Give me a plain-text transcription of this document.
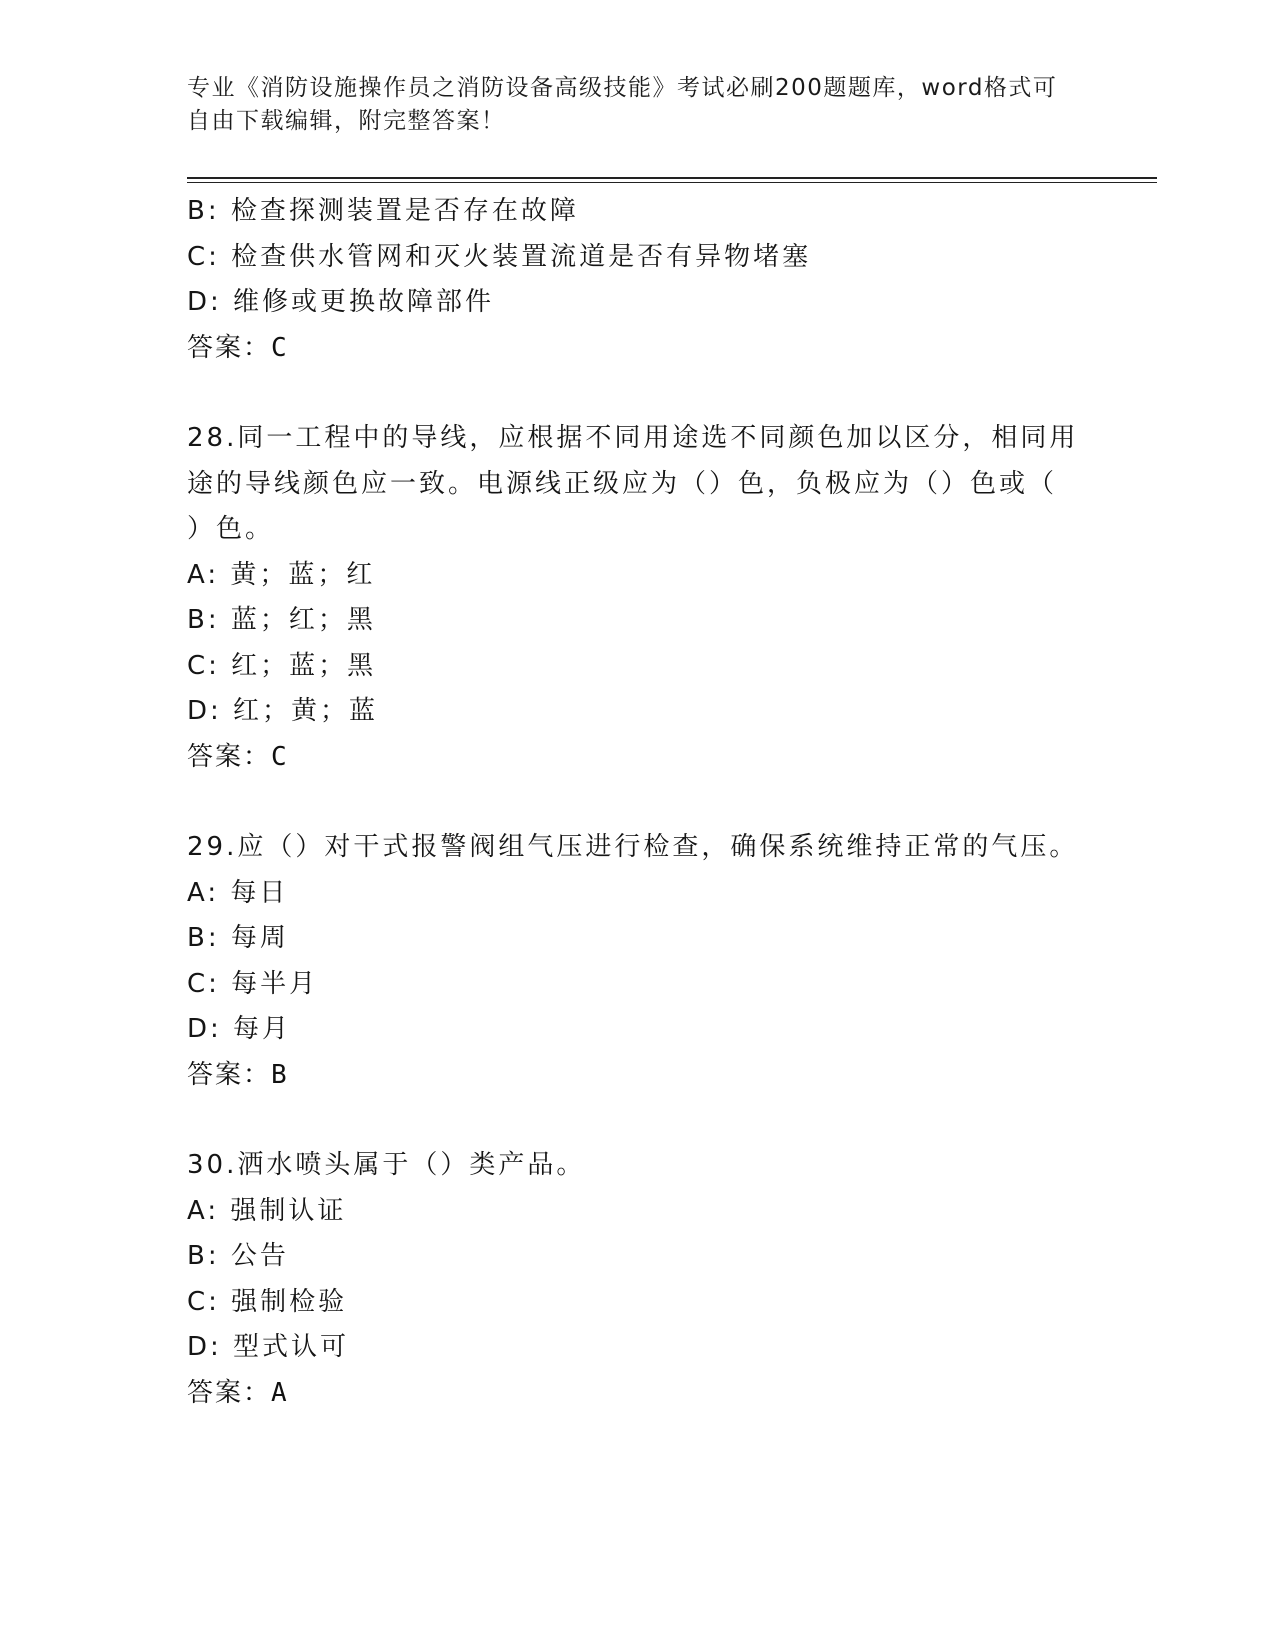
专业《消防设施操作员之消防设备高级技能》考试必刷200题题库，word格式可
自由下载编辑，附完整答案！
B: 检查探测装置是否存在故障
C: 检查供水管网和灭火装置流道是否有异物堵塞
D: 维修或更换故障部件
答案：C
28.同一工程中的导线，应根据不同用途选不同颜色加以区分，相同用
途的导线颜色应一致。电源线正级应为（）色，负极应为（）色或（
）色。
A: 黄；蓝；红
B: 蓝；红；黑
C: 红；蓝；黑
D: 红；黄；蓝
答案：C
29.应（）对干式报警阀组气压进行检查，确保系统维持正常的气压。
A: 每日
B: 每周
C: 每半月
D: 每月
答案：B
30.洒水喷头属于（）类产品。
A: 强制认证
B: 公告
C: 强制检验
D: 型式认可
答案：A
